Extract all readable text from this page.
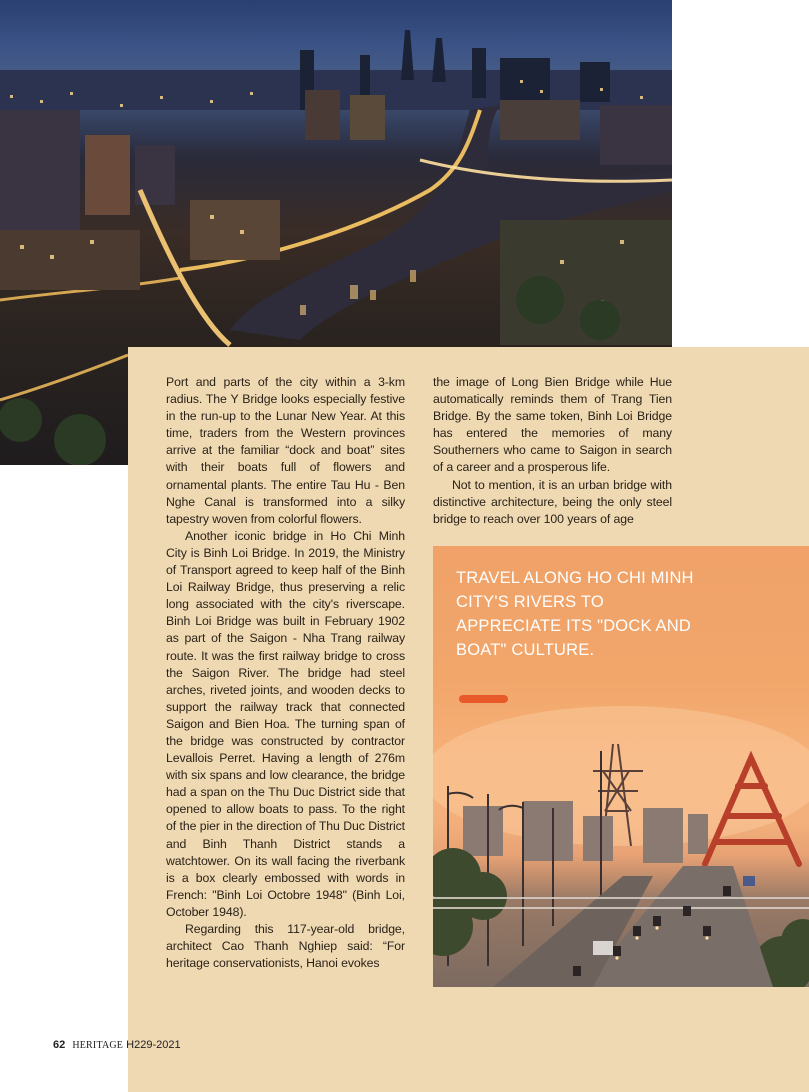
Port and parts of the city within a 3-km radius. The Y Bridge looks especially festive in the run-up to the Lunar New Year. At this time, traders from the Western provinces arrive at the familiar “dock and boat” sites with their boats full of flowers and ornamental plants. The entire Tau Hu - Ben Nghe Canal is transformed into a silky tapestry woven from colorful flowers.

Another iconic bridge in Ho Chi Minh City is Binh Loi Bridge. In 2019, the Ministry of Transport agreed to keep half of the Binh Loi Railway Bridge, thus preserving a relic long associated with the city's riverscape. Binh Loi Bridge was built in February 1902 as part of the Saigon - Nha Trang railway route. It was the first railway bridge to cross the Saigon River. The bridge had steel arches, riveted joints, and wooden decks to support the railway track that connected Saigon and Bien Hoa. The turning span of the bridge was constructed by contractor Levallois Perret. Having a length of 276m with six spans and low clearance, the bridge had a span on the Thu Duc District side that opened to allow boats to pass. To the right of the pier in the direction of Thu Duc District and Binh Thanh District stands a watchtower. On its wall facing the riverbank is a box clearly embossed with words in French: "Binh Loi Octobre 1948" (Binh Loi, October 1948).

Regarding this 117-year-old bridge, architect Cao Thanh Nghiep said: “For heritage conservationists, Hanoi evokes

the image of Long Bien Bridge while Hue automatically reminds them of Trang Tien Bridge. By the same token, Binh Loi Bridge has entered the memories of many Southerners who came to Saigon in search of a career and a prosperous life.

Not to mention, it is an urban bridge with distinctive architecture, being the only steel bridge to reach over 100 years of age

TRAVEL ALONG HO CHI MINH CITY'S RIVERS TO APPRECIATE ITS "DOCK AND BOAT" CULTURE.
62 HERITAGE H229-2021
